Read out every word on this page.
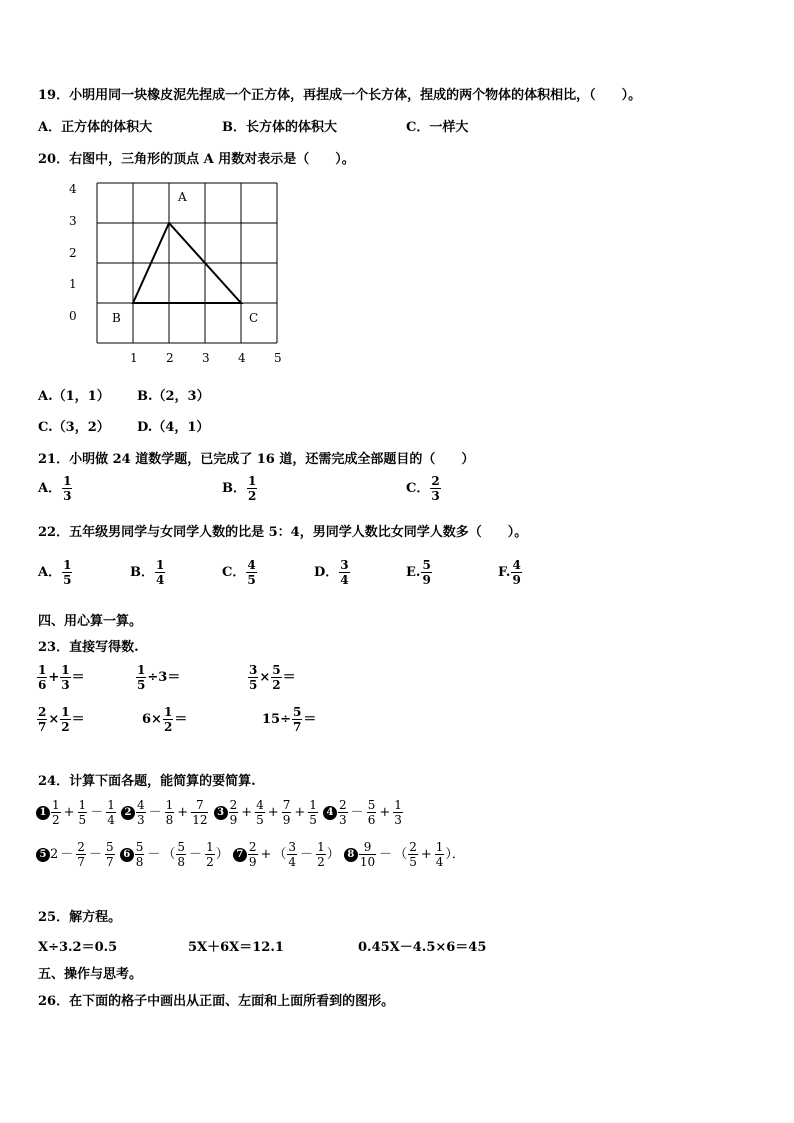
19．小明用同一块橡皮泥先捏成一个正方体，再捏成一个长方体，捏成的两个物体的体积相比，（　　）。
A．正方体的体积大	B．长方体的体积大	C．一样大
20．右图中，三角形的顶点 A 用数对表示是（　　）。
4
3
2
1
0
1 2 3 4 5
A
B	C
A.（1，1） B.（2，3）
C.（3，2） D.（4，1）
21．小明做 24 道数学题，已完成了 16 道，还需完成全部题目的（　　）
A． $\frac{1}{3}$	B． $\frac{1}{2}$	C． $\frac{2}{3}$
22．五年级男同学与女同学人数的比是 5：4，男同学人数比女同学人数多（　　）。
A． $\frac{1}{5}$	B． $\frac{1}{4}$	C． $\frac{4}{5}$	D． $\frac{3}{4}$	E. $\frac{5}{9}$	F. $\frac{4}{9}$
四、用心算一算。
23．直接写得数.
$\frac{1}{6} + \frac{1}{3}$ ＝	$\frac{1}{5} \div 3=$	$\frac{3}{5} \times \frac{5}{2}$ ＝
$\frac{2}{7} \times \frac{1}{2}$ ＝	$6\times \frac{1}{2}$ ＝	$15\div \frac{5}{7}$ ＝
24．计算下面各题，能简算的要简算.
$1 \frac{1}{2} + \frac{1}{5} - \frac{1}{4} 2 \frac{4}{3} - \frac{1}{8} + \frac{7}{12} 3 \frac{2}{9} + \frac{4}{5} + \frac{7}{9} + \frac{1}{5} 4 \frac{2}{3} - \frac{5}{6} + \frac{1}{3}$
5 $2 - \frac{2}{7} - \frac{5}{7} 6 \frac{5}{8}$ － （ $\frac{5}{8} - \frac{1}{2}$ ） $7 \frac{2}{9}$ + （ $\frac{3}{4} - \frac{1}{2}$ ） $8 \frac{9}{10}$ － （ $\frac{2}{5} + \frac{1}{4}$ ）．
25．解方程。
X÷3.2＝0.5	5X＋6X＝12.1	0.45X－4.5×6＝45
五、操作与思考。
26．在下面的格子中画出从正面、左面和上面所看到的图形。
